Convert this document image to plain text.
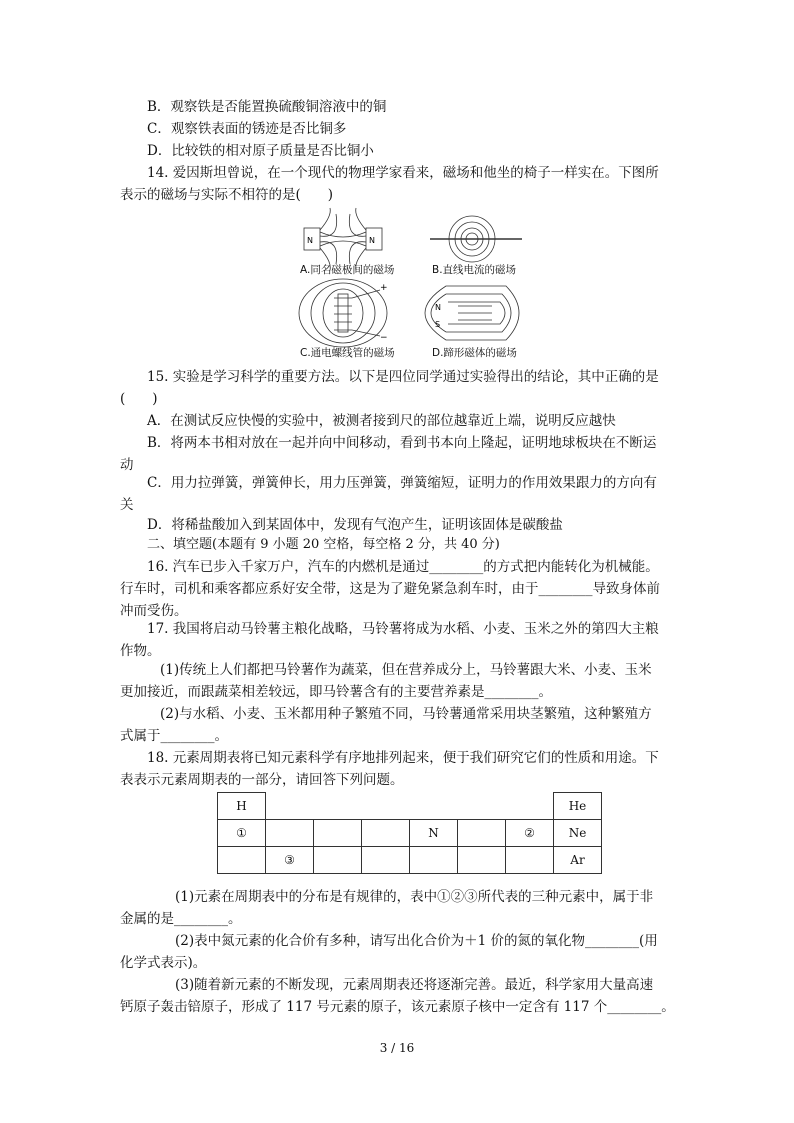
B．观察铁是否能置换硫酸铜溶液中的铜
C．观察铁表面的锈迹是否比铜多
D．比较铁的相对原子质量是否比铜小
14. 爱因斯坦曾说，在一个现代的物理学家看来，磁场和他坐的椅子一样实在。下图所
表示的磁场与实际不相符的是(　　)
N	N
+
−
N
S
A.同名磁极间的磁场	B.直线电流的磁场
C.通电螺线管的磁场	D.蹄形磁体的磁场
15. 实验是学习科学的重要方法。以下是四位同学通过实验得出的结论，其中正确的是
(　　)
A．在测试反应快慢的实验中，被测者接到尺的部位越靠近上端，说明反应越快
B．将两本书相对放在一起并向中间移动，看到书本向上隆起，证明地球板块在不断运
动
C．用力拉弹簧，弹簧伸长，用力压弹簧，弹簧缩短，证明力的作用效果跟力的方向有
关
D．将稀盐酸加入到某固体中，发现有气泡产生，证明该固体是碳酸盐
二、填空题(本题有 9 小题 20 空格，每空格 2 分，共 40 分)
16. 汽车已步入千家万户，汽车的内燃机是通过________的方式把内能转化为机械能。
行车时，司机和乘客都应系好安全带，这是为了避免紧急刹车时，由于________导致身体前
冲而受伤。
17. 我国将启动马铃薯主粮化战略，马铃薯将成为水稻、小麦、玉米之外的第四大主粮
作物。
(1)传统上人们都把马铃薯作为蔬菜，但在营养成分上，马铃薯跟大米、小麦、玉米
更加接近，而跟蔬菜相差较远，即马铃薯含有的主要营养素是________。
(2)与水稻、小麦、玉米都用种子繁殖不同，马铃薯通常采用块茎繁殖，这种繁殖方
式属于________。
18. 元素周期表将已知元素科学有序地排列起来，便于我们研究它们的性质和用途。下
表表示元素周期表的一部分，请回答下列问题。
H							He
①				N		②	Ne
	③						Ar
(1)元素在周期表中的分布是有规律的，表中①②③所代表的三种元素中，属于非
金属的是________。
(2)表中氮元素的化合价有多种，请写出化合价为＋1 价的氮的氧化物________(用
化学式表示)。
(3)随着新元素的不断发现，元素周期表还将逐渐完善。最近，科学家用大量高速
钙原子轰击锫原子，形成了 117 号元素的原子，该元素原子核中一定含有 117 个________。
3 / 16
